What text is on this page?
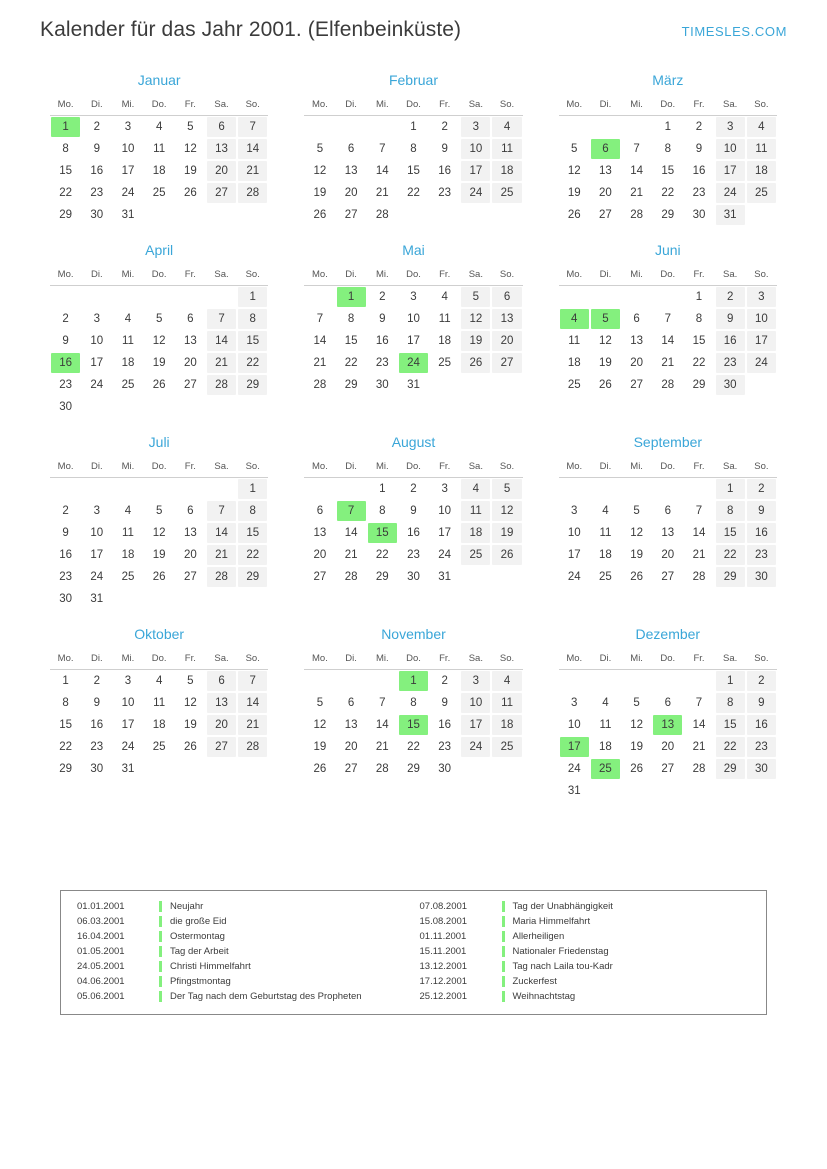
Kalender für das Jahr 2001. (Elfenbeinküste)	TIMESLES.COM
Januar
Mo.	Di.	Mi.	Do.	Fr.	Sa.	So.

1	2	3	4	5	6	7

8	9	10	11	12	13	14

15	16	17	18	19	20	21

22	23	24	25	26	27	28

29	30	31				

Februar
Mo.	Di.	Mi.	Do.	Fr.	Sa.	So.

			1	2	3	4

5	6	7	8	9	10	11

12	13	14	15	16	17	18

19	20	21	22	23	24	25

26	27	28				

März
Mo.	Di.	Mi.	Do.	Fr.	Sa.	So.

			1	2	3	4

5	6	7	8	9	10	11

12	13	14	15	16	17	18

19	20	21	22	23	24	25

26	27	28	29	30	31	

April
Mo.	Di.	Mi.	Do.	Fr.	Sa.	So.

						1

2	3	4	5	6	7	8

9	10	11	12	13	14	15

16	17	18	19	20	21	22

23	24	25	26	27	28	29

30						

Mai
Mo.	Di.	Mi.	Do.	Fr.	Sa.	So.

	1	2	3	4	5	6

7	8	9	10	11	12	13

14	15	16	17	18	19	20

21	22	23	24	25	26	27

28	29	30	31			

Juni
Mo.	Di.	Mi.	Do.	Fr.	Sa.	So.

				1	2	3

4	5	6	7	8	9	10

11	12	13	14	15	16	17

18	19	20	21	22	23	24

25	26	27	28	29	30	

Juli
Mo.	Di.	Mi.	Do.	Fr.	Sa.	So.

						1

2	3	4	5	6	7	8

9	10	11	12	13	14	15

16	17	18	19	20	21	22

23	24	25	26	27	28	29

30	31					

August
Mo.	Di.	Mi.	Do.	Fr.	Sa.	So.

		1	2	3	4	5

6	7	8	9	10	11	12

13	14	15	16	17	18	19

20	21	22	23	24	25	26

27	28	29	30	31		

September
Mo.	Di.	Mi.	Do.	Fr.	Sa.	So.

					1	2

3	4	5	6	7	8	9

10	11	12	13	14	15	16

17	18	19	20	21	22	23

24	25	26	27	28	29	30
Oktober
Mo.	Di.	Mi.	Do.	Fr.	Sa.	So.

1	2	3	4	5	6	7

8	9	10	11	12	13	14

15	16	17	18	19	20	21

22	23	24	25	26	27	28

29	30	31				

November
Mo.	Di.	Mi.	Do.	Fr.	Sa.	So.

			1	2	3	4

5	6	7	8	9	10	11

12	13	14	15	16	17	18

19	20	21	22	23	24	25

26	27	28	29	30		

Dezember
Mo.	Di.	Mi.	Do.	Fr.	Sa.	So.

					1	2

3	4	5	6	7	8	9

10	11	12	13	14	15	16

17	18	19	20	21	22	23

24	25	26	27	28	29	30

31						

01.01.2001	Neujahr
06.03.2001	die große Eid
16.04.2001	Ostermontag
01.05.2001	Tag der Arbeit
24.05.2001	Christi Himmelfahrt
04.06.2001	Pfingstmontag
05.06.2001	Der Tag nach dem Geburtstag des Propheten
07.08.2001	Tag der Unabhängigkeit
15.08.2001	Maria Himmelfahrt
01.11.2001	Allerheiligen
15.11.2001	Nationaler Friedenstag
13.12.2001	Tag nach Laila tou-Kadr
17.12.2001	Zuckerfest
25.12.2001	Weihnachtstag
